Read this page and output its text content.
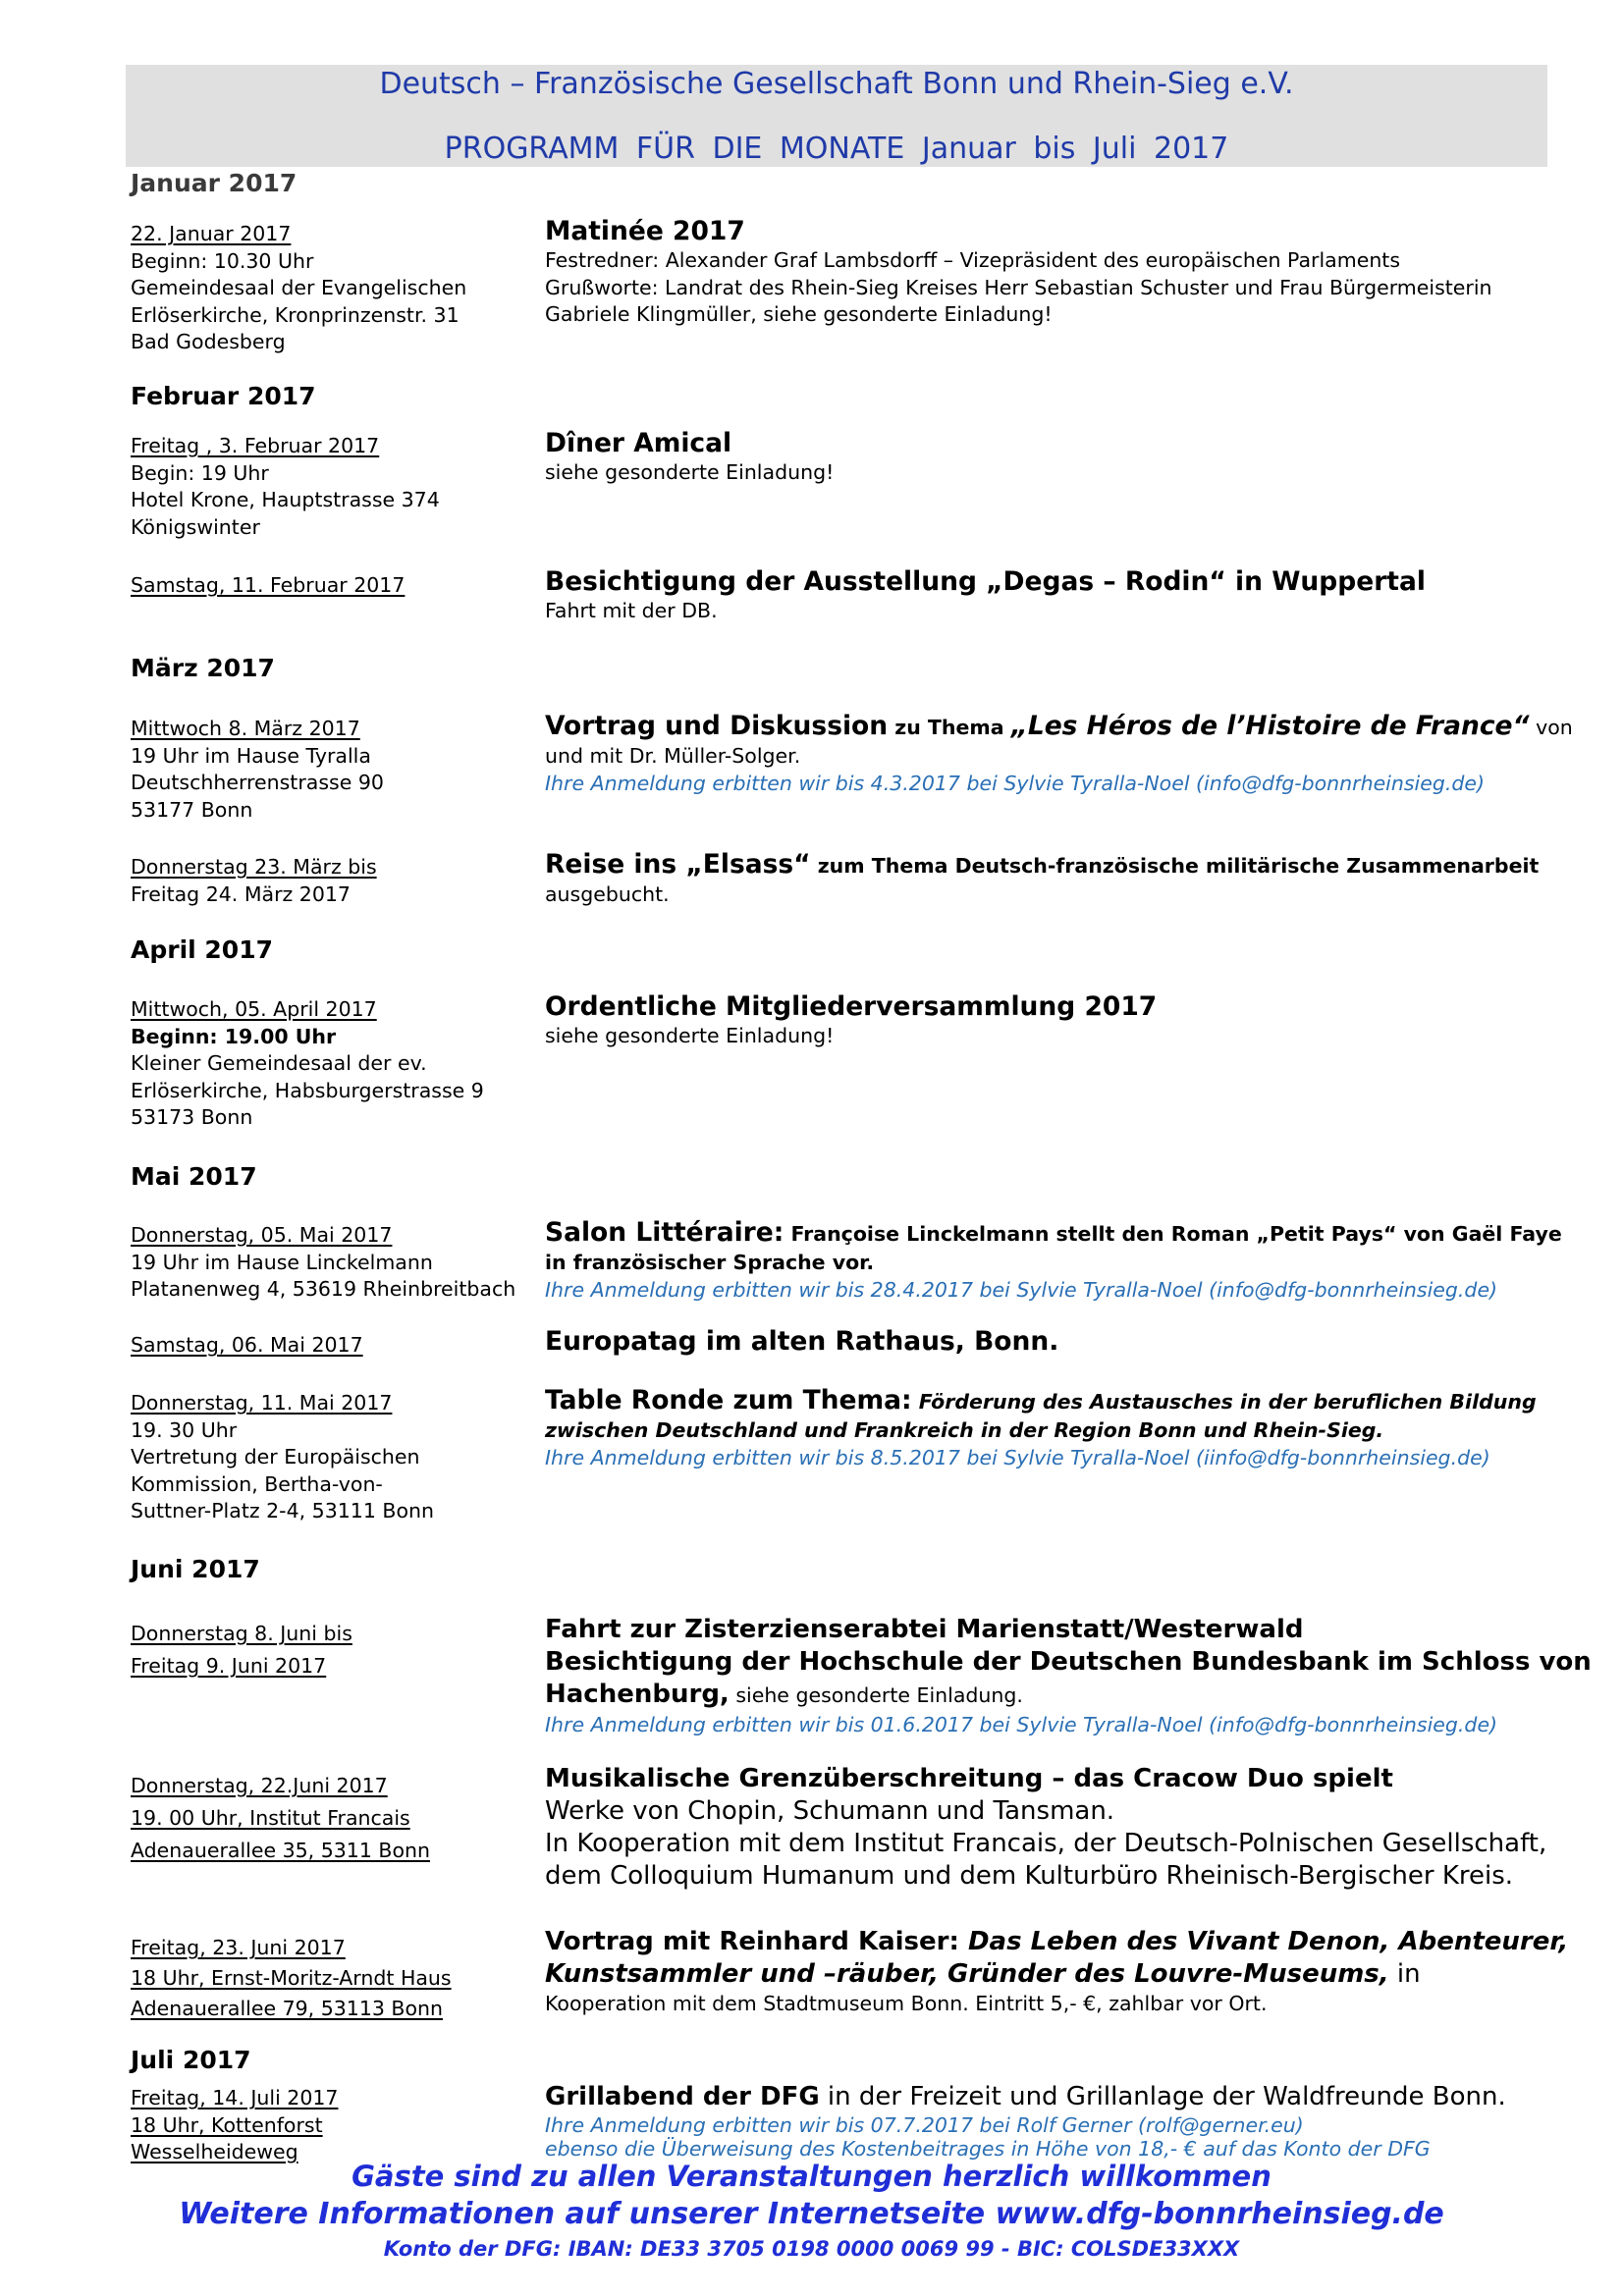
Deutsch – Französische Gesellschaft Bonn und Rhein-Sieg e.V.
PROGRAMM FÜR DIE MONATE Januar bis Juli 2017
Januar 2017
22. Januar 2017
Beginn: 10.30 Uhr
Gemeindesaal der Evangelischen
Erlöserkirche, Kronprinzenstr. 31
Bad Godesberg
Matinée 2017
Festredner: Alexander Graf Lambsdorff – Vizepräsident des europäischen Parlaments
Grußworte: Landrat des Rhein-Sieg Kreises Herr Sebastian Schuster und Frau Bürgermeisterin
Gabriele Klingmüller, siehe gesonderte Einladung!
Februar 2017
Freitag , 3. Februar 2017
Begin: 19 Uhr
Hotel Krone, Hauptstrasse 374
Königswinter
Dîner Amical
siehe gesonderte Einladung!
Samstag, 11. Februar 2017	Besichtigung der Ausstellung „Degas – Rodin“ in Wuppertal
Fahrt mit der DB.
März 2017
Mittwoch 8. März 2017
19 Uhr im Hause Tyralla
Deutschherrenstrasse 90
53177 Bonn
Vortrag und Diskussion zu Thema „Les Héros de l’Histoire de France“ von
und mit Dr. Müller-Solger.
Ihre Anmeldung erbitten wir bis 4.3.2017 bei Sylvie Tyralla-Noel (info@dfg-bonnrheinsieg.de)
Donnerstag 23. März bis
Freitag 24. März 2017
Reise ins „Elsass“ zum Thema Deutsch-französische militärische Zusammenarbeit
ausgebucht.
April 2017
Mittwoch, 05. April 2017
Beginn: 19.00 Uhr
Kleiner Gemeindesaal der ev.
Erlöserkirche, Habsburgerstrasse 9
53173 Bonn
Ordentliche Mitgliederversammlung 2017
siehe gesonderte Einladung!
Mai 2017
Donnerstag, 05. Mai 2017
19 Uhr im Hause Linckelmann
Platanenweg 4, 53619 Rheinbreitbach
Salon Littéraire: Françoise Linckelmann stellt den Roman „Petit Pays“ von Gaël Faye
in französischer Sprache vor.
Ihre Anmeldung erbitten wir bis 28.4.2017 bei Sylvie Tyralla-Noel (info@dfg-bonnrheinsieg.de)
Samstag, 06. Mai 2017	Europatag im alten Rathaus, Bonn.
Donnerstag, 11. Mai 2017
19. 30 Uhr
Vertretung der Europäischen
Kommission, Bertha-von-
Suttner-Platz 2-4, 53111 Bonn
Table Ronde zum Thema: Förderung des Austausches in der beruflichen Bildung
zwischen Deutschland und Frankreich in der Region Bonn und Rhein-Sieg.
Ihre Anmeldung erbitten wir bis 8.5.2017 bei Sylvie Tyralla-Noel (iinfo@dfg-bonnrheinsieg.de)
Juni 2017
Donnerstag 8. Juni bis
Freitag 9. Juni 2017
Fahrt zur Zisterzienserabtei Marienstatt/Westerwald
Besichtigung der Hochschule der Deutschen Bundesbank im Schloss von
Hachenburg, siehe gesonderte Einladung.
Ihre Anmeldung erbitten wir bis 01.6.2017 bei Sylvie Tyralla-Noel (info@dfg-bonnrheinsieg.de)
Donnerstag, 22.Juni 2017
19. 00 Uhr, Institut Francais
Adenauerallee 35, 5311 Bonn
Musikalische Grenzüberschreitung – das Cracow Duo spielt
Werke von Chopin, Schumann und Tansman.
In Kooperation mit dem Institut Francais, der Deutsch-Polnischen Gesellschaft,
dem Colloquium Humanum und dem Kulturbüro Rheinisch-Bergischer Kreis.
Freitag, 23. Juni 2017
18 Uhr, Ernst-Moritz-Arndt Haus
Adenauerallee 79, 53113 Bonn
Vortrag mit Reinhard Kaiser: Das Leben des Vivant Denon, Abenteurer,
Kunstsammler und –räuber, Gründer des Louvre-Museums, in
Kooperation mit dem Stadtmuseum Bonn. Eintritt 5,- €, zahlbar vor Ort.
Juli 2017
Freitag, 14. Juli 2017
18 Uhr, Kottenforst
Wesselheideweg
Grillabend der DFG in der Freizeit und Grillanlage der Waldfreunde Bonn.
Ihre Anmeldung erbitten wir bis 07.7.2017 bei Rolf Gerner (rolf@gerner.eu)
ebenso die Überweisung des Kostenbeitrages in Höhe von 18,- € auf das Konto der DFG
Gäste sind zu allen Veranstaltungen herzlich willkommen
Weitere Informationen auf unserer Internetseite www.dfg-bonnrheinsieg.de
Konto der DFG: IBAN: DE33 3705 0198 0000 0069 99 - BIC: COLSDE33XXX
